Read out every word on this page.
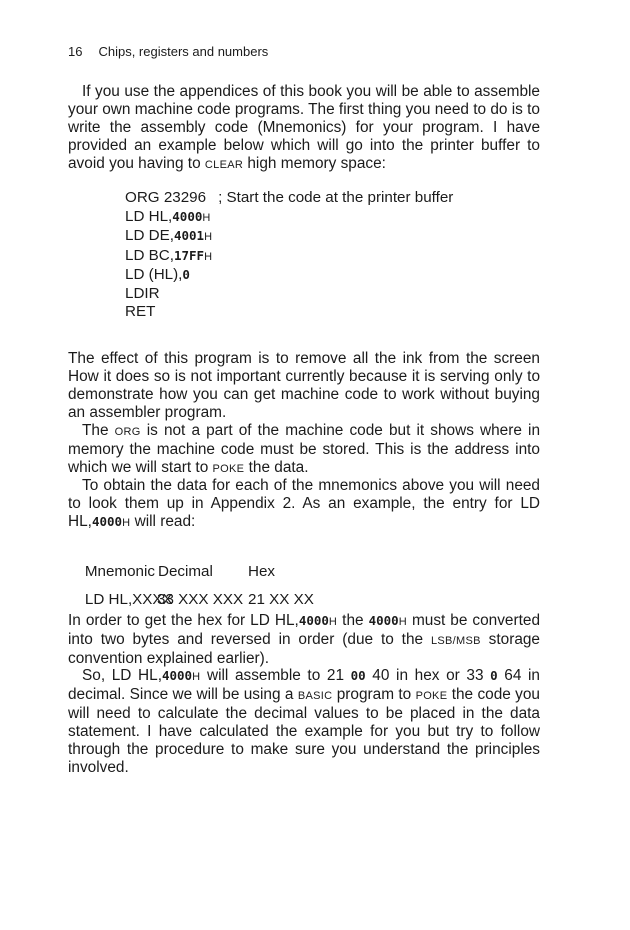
16 Chips, registers and numbers

If you use the appendices of this book you will be able to assemble your own machine code programs. The first thing you need to do is to write the assembly code (Mnemonics) for your program. I have provided an example below which will go into the printer buffer to avoid you having to CLEAR high memory space:

ORG 23296 ; Start the code at the printer buffer
LD HL,4000H
LD DE,4001H
LD BC,17FFH
LD (HL),0
LDIR
RET

The effect of this program is to remove all the ink from the screen How it does so is not important currently because it is serving only to demonstrate how you can get machine code to work without buying an assembler program.

The ORG is not a part of the machine code but it shows where in memory the machine code must be stored. This is the address into which we will start to POKE the data.

To obtain the data for each of the mnemonics above you will need to look them up in Appendix 2. As an example, the entry for LD HL,4000H will read:

Mnemonic Decimal Hex

LD HL,XXXX
33 XXX XXX 21 XX XX

In order to get the hex for LD HL,4000H the 4000H must be converted into two bytes and reversed in order (due to the LSB/MSB storage convention explained earlier).

So, LD HL,4000H will assemble to 21 00 40 in hex or 33 0 64 in decimal. Since we will be using a BASIC program to POKE the code you will need to calculate the decimal values to be placed in the data statement. I have calculated the example for you but try to follow through the procedure to make sure you understand the principles involved.
